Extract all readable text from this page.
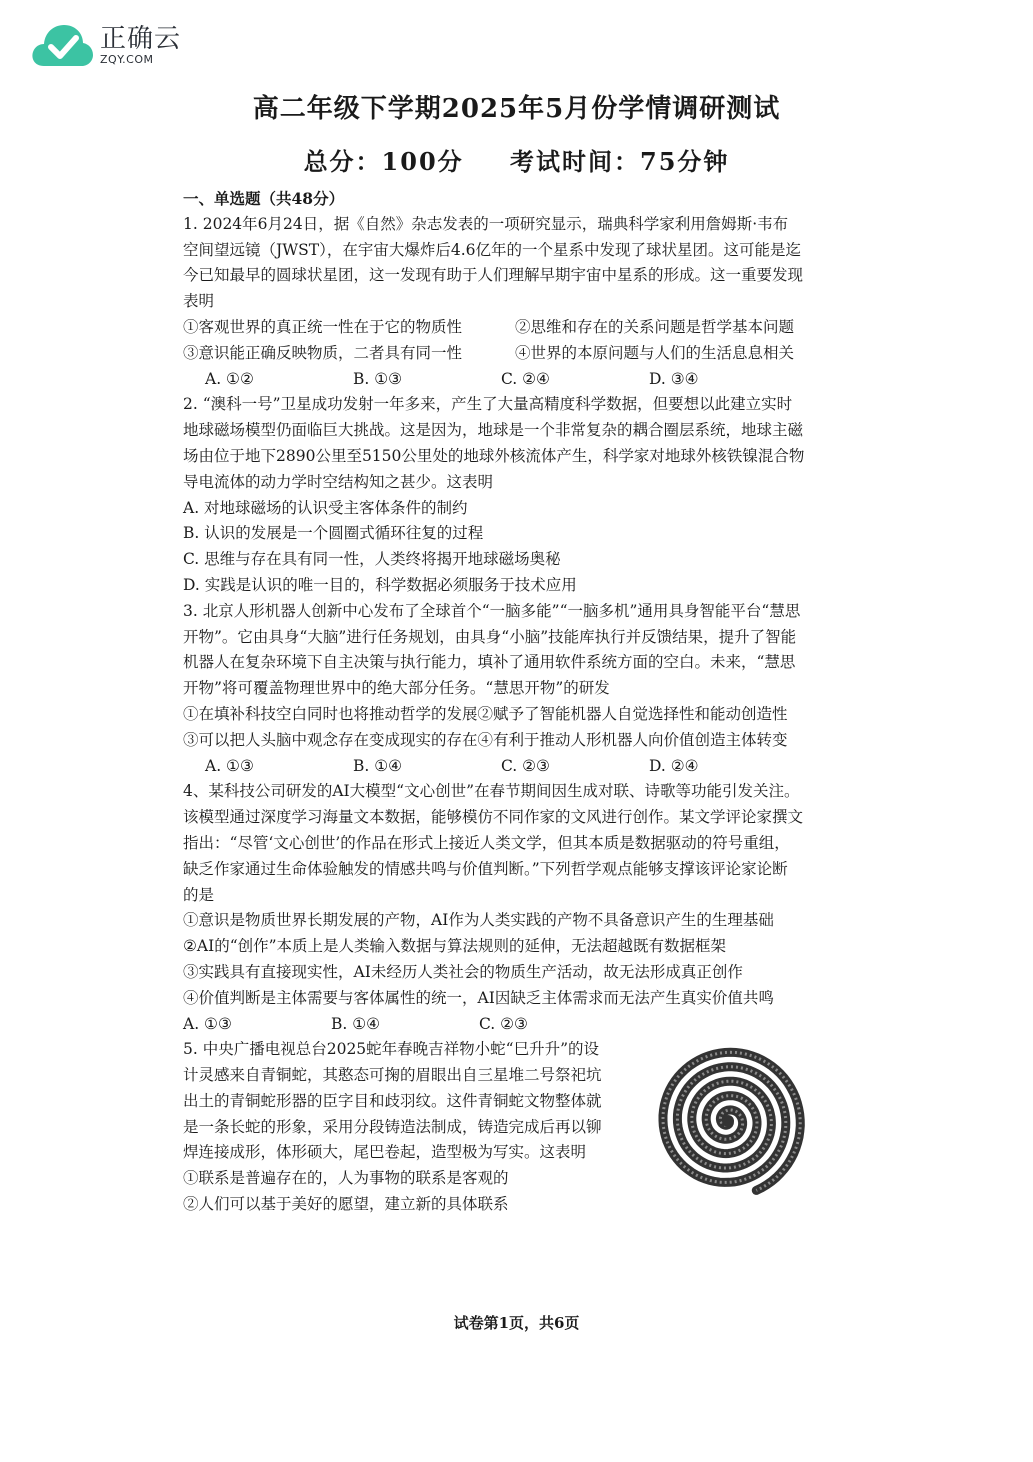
正确云
ZQY.COM
高二年级下学期2025年5月份学情调研测试
总分：100分 考试时间：75分钟
一、单选题（共48分）
1. 2024年6月24日，据《自然》杂志发表的一项研究显示，瑞典科学家利用詹姆斯·韦布
空间望远镜（JWST），在宇宙大爆炸后4.6亿年的一个星系中发现了球状星团。这可能是迄
今已知最早的圆球状星团，这一发现有助于人们理解早期宇宙中星系的形成。这一重要发现
表明
①客观世界的真正统一性在于它的物质性	②思维和存在的关系问题是哲学基本问题
③意识能正确反映物质，二者具有同一性	④世界的本原问题与人们的生活息息相关
A. ①②	B. ①③	C. ②④	D. ③④
2. “澳科一号”卫星成功发射一年多来，产生了大量高精度科学数据，但要想以此建立实时
地球磁场模型仍面临巨大挑战。这是因为，地球是一个非常复杂的耦合圈层系统，地球主磁
场由位于地下2890公里至5150公里处的地球外核流体产生，科学家对地球外核铁镍混合物
导电流体的动力学时空结构知之甚少。这表明
A. 对地球磁场的认识受主客体条件的制约
B. 认识的发展是一个圆圈式循环往复的过程
C. 思维与存在具有同一性，人类终将揭开地球磁场奥秘
D. 实践是认识的唯一目的，科学数据必须服务于技术应用
3. 北京人形机器人创新中心发布了全球首个“一脑多能”“一脑多机”通用具身智能平台“慧思
开物”。它由具身“大脑”进行任务规划，由具身“小脑”技能库执行并反馈结果，提升了智能
机器人在复杂环境下自主决策与执行能力，填补了通用软件系统方面的空白。未来，“慧思
开物”将可覆盖物理世界中的绝大部分任务。“慧思开物”的研发
①在填补科技空白同时也将推动哲学的发展②赋予了智能机器人自觉选择性和能动创造性
③可以把人头脑中观念存在变成现实的存在④有利于推动人形机器人向价值创造主体转变
A. ①③	B. ①④	C. ②③	D. ②④
4、某科技公司研发的AI大模型“文心创世”在春节期间因生成对联、诗歌等功能引发关注。
该模型通过深度学习海量文本数据，能够模仿不同作家的文风进行创作。某文学评论家撰文
指出：“尽管‘文心创世’的作品在形式上接近人类文学，但其本质是数据驱动的符号重组，
缺乏作家通过生命体验触发的情感共鸣与价值判断。”下列哲学观点能够支撑该评论家论断
的是
①意识是物质世界长期发展的产物，AI作为人类实践的产物不具备意识产生的生理基础
②AI的“创作”本质上是人类输入数据与算法规则的延伸，无法超越既有数据框架
③实践具有直接现实性，AI未经历人类社会的物质生产活动，故无法形成真正创作
④价值判断是主体需要与客体属性的统一，AI因缺乏主体需求而无法产生真实价值共鸣
A. ①③	B. ①④	C. ②③
5. 中央广播电视总台2025蛇年春晚吉祥物小蛇“巳升升”的设
计灵感来自青铜蛇，其憨态可掬的眉眼出自三星堆二号祭祀坑
出土的青铜蛇形器的臣字目和歧羽纹。这件青铜蛇文物整体就
是一条长蛇的形象，采用分段铸造法制成，铸造完成后再以铆
焊连接成形，体形硕大，尾巴卷起，造型极为写实。这表明
①联系是普遍存在的，人为事物的联系是客观的
②人们可以基于美好的愿望，建立新的具体联系
试卷第1页，共6页
